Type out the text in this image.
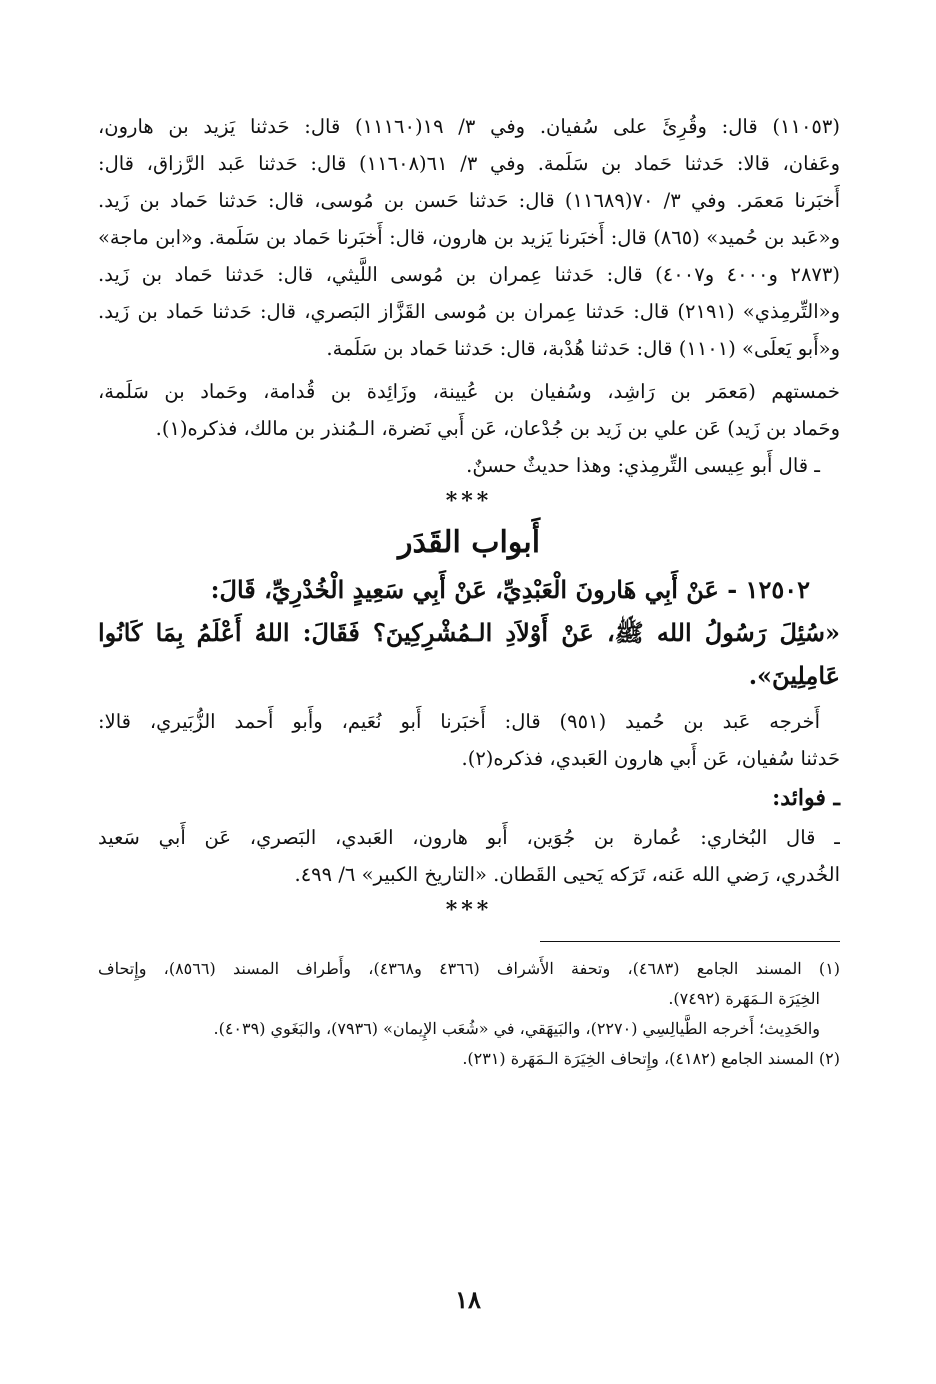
(١١٠٥٣) قال: وقُرِئَ على سُفيان. وفي ٣/ ١٩(١١١٦٠) قال: حَدثنا يَزيد بن هارون،
وعَفان، قالا: حَدثنا حَماد بن سَلَمة. وفي ٣/ ٦١(١١٦٠٨) قال: حَدثنا عَبد الرَّزاق، قال:
أَخبَرنا مَعمَر. وفي ٣/ ٧٠(١١٦٨٩) قال: حَدثنا حَسن بن مُوسى، قال: حَدثنا حَماد بن زَيد.
و«عَبد بن حُميد» (٨٦٥) قال: أَخبَرنا يَزيد بن هارون، قال: أَخبَرنا حَماد بن سَلَمة. و«ابن ماجة»
(٢٨٧٣ و٤٠٠٠ و٤٠٠٧) قال: حَدثنا عِمران بن مُوسى اللَّيثي، قال: حَدثنا حَماد بن زَيد.
و«التِّرمِذي» (٢١٩١) قال: حَدثنا عِمران بن مُوسى القَزَّاز البَصري، قال: حَدثنا حَماد بن زَيد.
و«أَبو يَعلَى» (١١٠١) قال: حَدثنا هُدْبة، قال: حَدثنا حَماد بن سَلَمة.
خمستهم (مَعمَر بن رَاشِد، وسُفيان بن عُيينة، وزَائِدة بن قُدامة، وحَماد بن سَلَمة،
وحَماد بن زَيد) عَن علي بن زَيد بن جُدْعان، عَن أَبي نَضرة، الـمُنذر بن مالك، فذكره(١).
ـ قال أَبو عِيسى التِّرمِذي: وهذا حديثٌ حسنٌ.
***
أَبواب القَدَر
١٢٥٠٢ - عَنْ أَبِي هَارونَ الْعَبْدِيِّ، عَنْ أَبِي سَعِيدٍ الْخُدْرِيِّ، قَالَ:
«سُئِلَ رَسُولُ الله ﷺ، عَنْ أَوْلاَدِ الـمُشْرِكِينَ؟ فَقَالَ: اللهُ أَعْلَمُ بِمَا كَانُوا
عَامِلِينَ».
أَخرجه عَبد بن حُميد (٩٥١) قال: أَخبَرنا أَبو نُعَيم، وأَبو أَحمد الزُّبَيري، قالا:
حَدثنا سُفيان، عَن أَبي هارون العَبدي، فذكره(٢).
ـ فوائد:
ـ قال البُخاري: عُمارة بن جُوَين، أَبو هارون، العَبدي، البَصري، عَن أَبي سَعيد
الخُدري، رَضي الله عَنه، تَرَكه يَحيى القَطان. «التاريخ الكبير» ٦/ ٤٩٩.
***
(١) المسند الجامع (٤٦٨٣)، وتحفة الأَشراف (٤٣٦٦ و٤٣٦٨)، وأَطراف المسند (٨٥٦٦)، وإِتحاف
الخِيَرَة الـمَهَرة (٧٤٩٢).
والحَدِيث؛ أَخرجه الطَّيالِسِي (٢٢٧٠)، والبَيهَقي، في «شُعَب الإِيمان» (٧٩٣٦)، والبَغَوي (٤٠٣٩).
(٢) المسند الجامع (٤١٨٢)، وإِتحاف الخِيَرَة الـمَهَرة (٢٣١).
١٨
